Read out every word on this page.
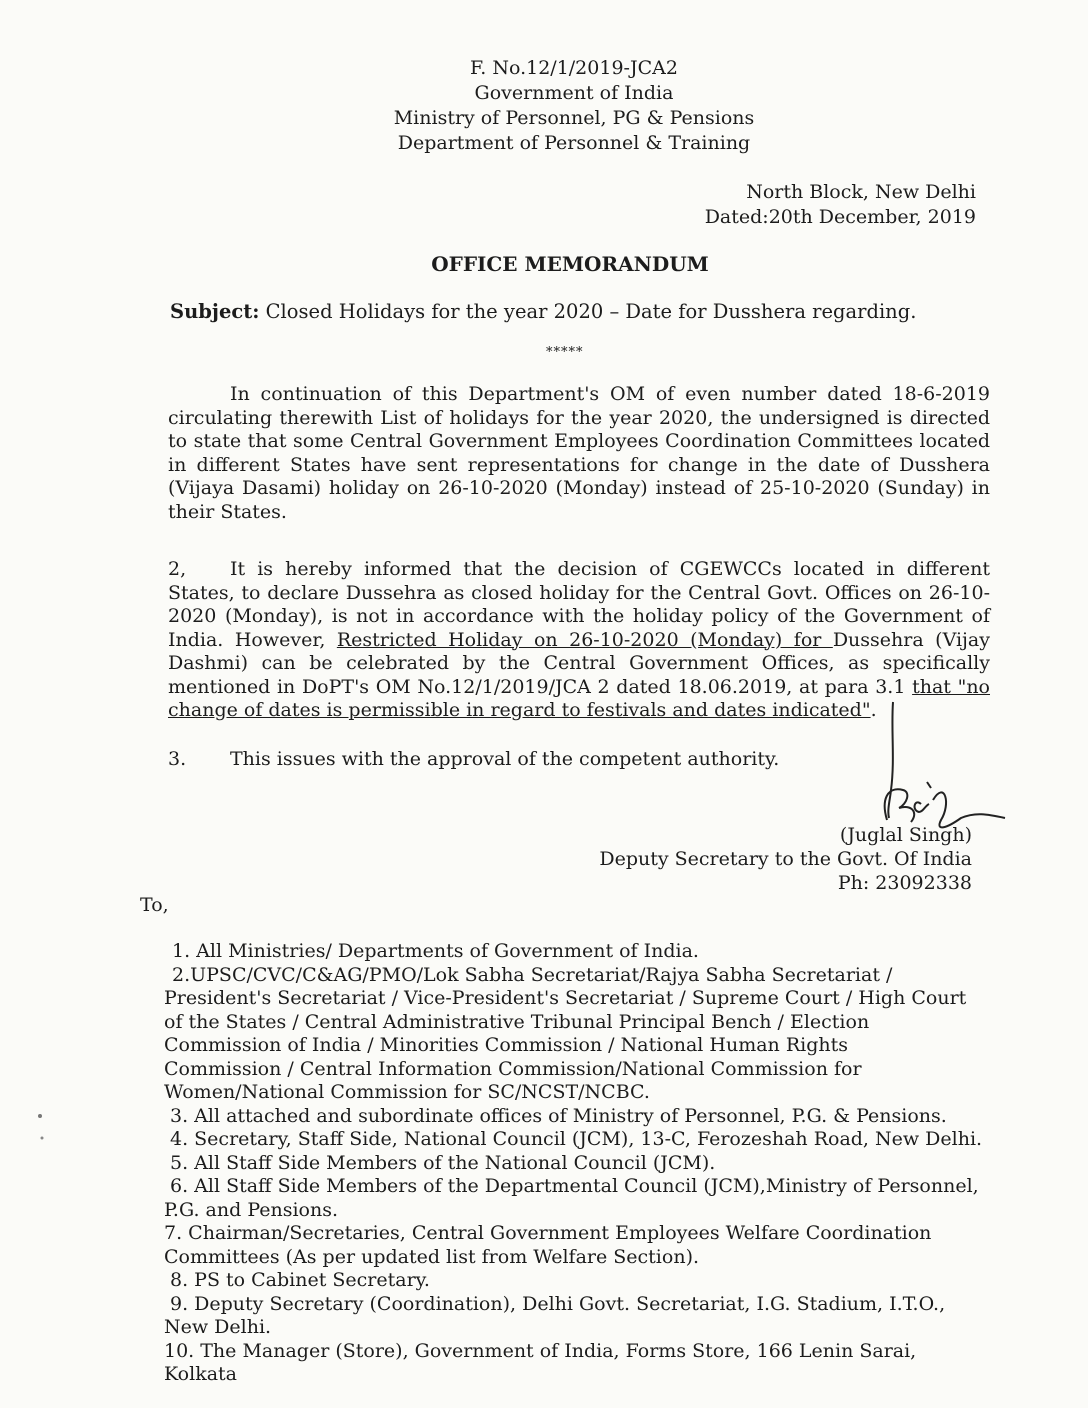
F. No.12/1/2019-JCA2
Government of India
Ministry of Personnel, PG & Pensions
Department of Personnel & Training
North Block, New Delhi
Dated:20th December, 2019
OFFICE MEMORANDUM
Subject: Closed Holidays for the year 2020 – Date for Dusshera regarding.
*****
In continuation of this Department's OM of even number dated 18-6-2019 circulating therewith List of holidays for the year 2020, the undersigned is directed to state that some Central Government Employees Coordination Committees located in different States have sent representations for change in the date of Dusshera (Vijaya Dasami) holiday on 26-10-2020 (Monday) instead of 25-10-2020 (Sunday) in their States.
2, It is hereby informed that the decision of CGEWCCs located in different States, to declare Dussehra as closed holiday for the Central Govt. Offices on 26-10-2020 (Monday), is not in accordance with the holiday policy of the Government of India. However, Restricted Holiday on 26-10-2020 (Monday) for Dussehra (Vijay Dashmi) can be celebrated by the Central Government Offices, as specifically mentioned in DoPT's OM No.12/1/2019/JCA 2 dated 18.06.2019, at para 3.1 that "no change of dates is permissible in regard to festivals and dates indicated".
3. This issues with the approval of the competent authority.
(Juglal Singh)
Deputy Secretary to the Govt. Of India
Ph: 23092338
To,
1. All Ministries/ Departments of Government of India.
2.UPSC/CVC/C&AG/PMO/Lok Sabha Secretariat/Rajya Sabha Secretariat /
President's Secretariat / Vice-President's Secretariat / Supreme Court / High Court
of the States / Central Administrative Tribunal Principal Bench / Election
Commission of India / Minorities Commission / National Human Rights
Commission / Central Information Commission/National Commission for
Women/National Commission for SC/NCST/NCBC.
3. All attached and subordinate offices of Ministry of Personnel, P.G. & Pensions.
4. Secretary, Staff Side, National Council (JCM), 13-C, Ferozeshah Road, New Delhi.
5. All Staff Side Members of the National Council (JCM).
6. All Staff Side Members of the Departmental Council (JCM),Ministry of Personnel,
P.G. and Pensions.
7. Chairman/Secretaries, Central Government Employees Welfare Coordination
Committees (As per updated list from Welfare Section).
8. PS to Cabinet Secretary.
9. Deputy Secretary (Coordination), Delhi Govt. Secretariat, I.G. Stadium, I.T.O.,
New Delhi.
10. The Manager (Store), Government of India, Forms Store, 166 Lenin Sarai,
Kolkata
